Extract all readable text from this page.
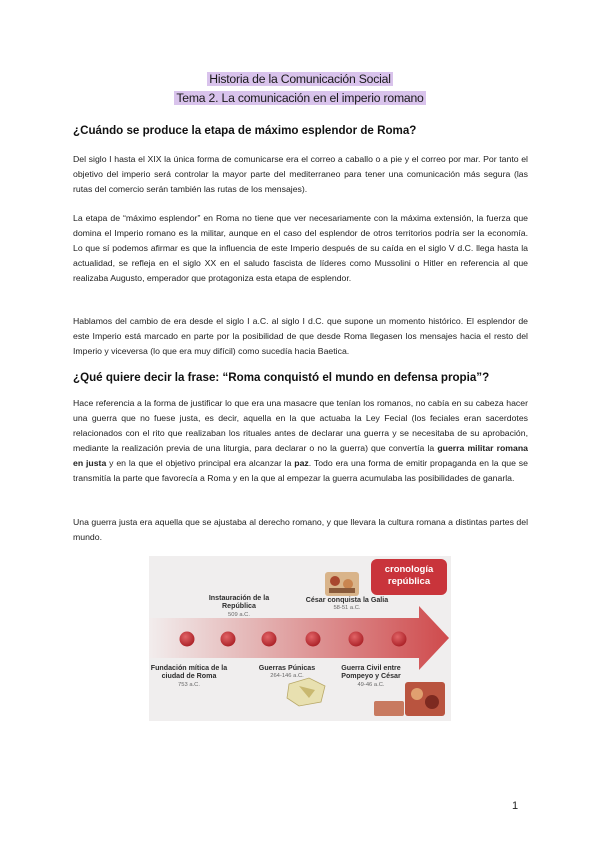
Historia de la Comunicación Social
Tema 2. La comunicación en el imperio romano
¿Cuándo se produce la etapa de máximo esplendor de Roma?

Del siglo I hasta el XIX la única forma de comunicarse era el correo a caballo o a pie y el correo por mar. Por tanto el objetivo del imperio será controlar la mayor parte del mediterraneo para tener una comunicación más segura (las rutas del comercio serán también las rutas de los mensajes).

La etapa de “máximo esplendor” en Roma no tiene que ver necesariamente con la máxima extensión, la fuerza que domina el Imperio romano es la militar, aunque en el caso del esplendor de otros territorios podría ser la economía. Lo que sí podemos afirmar es que la influencia de este Imperio después de su caída en el siglo V d.C. llega hasta la actualidad, se refleja en el siglo XX en el saludo fascista de líderes como Mussolini o Hitler en referencia al que realizaba Augusto, emperador que protagoniza esta etapa de esplendor.

Hablamos del cambio de era desde el siglo I a.C. al siglo I d.C. que supone un momento histórico. El esplendor de este Imperio está marcado en parte por la posibilidad de que desde Roma llegasen los mensajes hacia el resto del Imperio y viceversa (lo que era muy difícil) como sucedía hacia Baetica.

¿Qué quiere decir la frase: “Roma conquistó el mundo en defensa propia”?

Hace referencia a la forma de justificar lo que era una masacre que tenían los romanos, no cabía en su cabeza hacer una guerra que no fuese justa, es decir, aquella en la que actuaba la Ley Fecial (los feciales eran sacerdotes relacionados con el rito que realizaban los rituales antes de declarar una guerra y se necesitaba de su aprobación, mediante la realización previa de una liturgia, para declarar o no la guerra) que convertía la guerra militar romana en justa y en la que el objetivo principal era alcanzar la paz. Todo era una forma de emitir propaganda en la que se transmitía la parte que favorecía a Roma y en la que al empezar la guerra acumulaba las posibilidades de ganarla.

Una guerra justa era aquella que se ajustaba al derecho romano, y que llevara la cultura romana a distintas partes del mundo.

cronología
república
Instauración de la República
509 a.C.
César conquista la Galia
58-51 a.C.
Fundación mítica de la ciudad de Roma
753 a.C.
Guerras Púnicas
264-146 a.C.
Guerra Civil entre Pompeyo y César
49-46 a.C.
1
